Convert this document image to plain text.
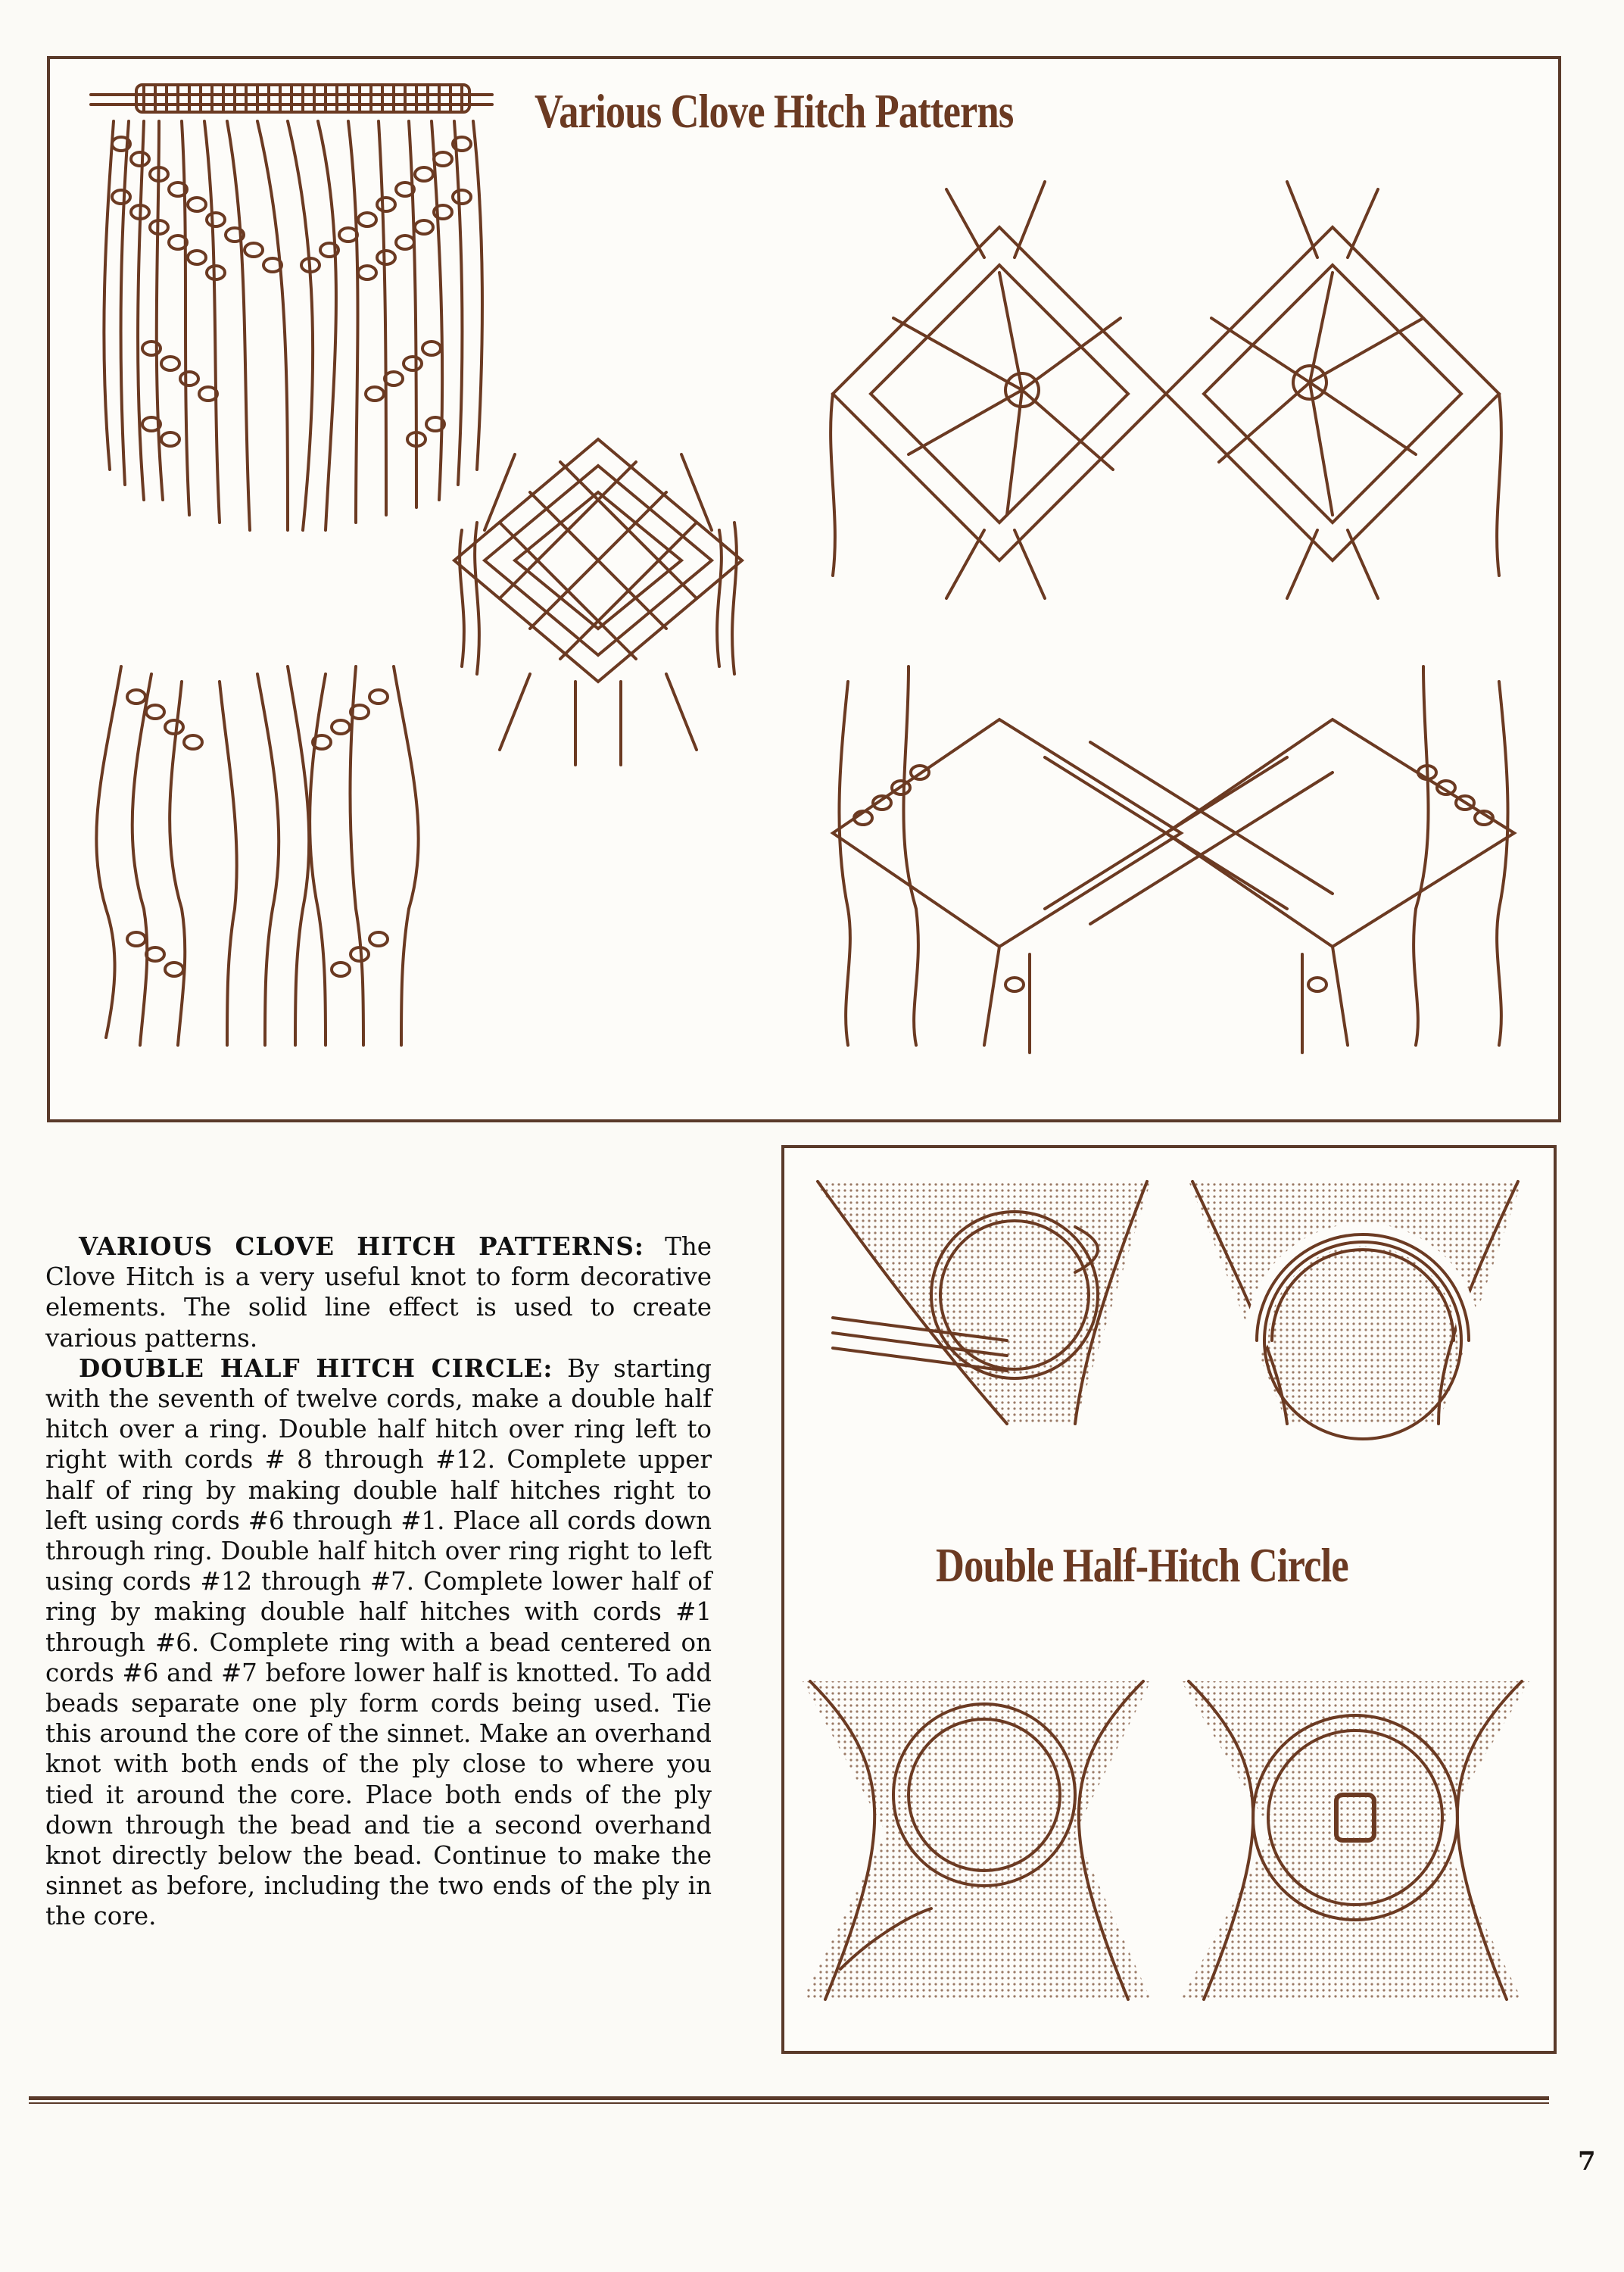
Various Clove Hitch Patterns
Double Half-Hitch Circle

VARIOUS CLOVE HITCH PATTERNS: The Clove Hitch is a very useful knot to form decorative elements. The solid line effect is used to create various patterns.

DOUBLE HALF HITCH CIRCLE: By starting with the seventh of twelve cords, make a double half hitch over a ring. Double half hitch over ring left to right with cords # 8 through #12. Complete upper half of ring by making double half hitches right to left using cords #6 through #1. Place all cords down through ring. Double half hitch over ring right to left using cords #12 through #7. Complete lower half of ring by making double half hitches with cords #1 through #6. Complete ring with a bead centered on cords #6 and #7 before lower half is knotted. To add beads separate one ply form cords being used. Tie this around the core of the sinnet. Make an overhand knot with both ends of the ply close to where you tied it around the core. Place both ends of the ply down through the bead and tie a second overhand knot directly below the bead. Continue to make the sinnet as before, including the two ends of the ply in the core.

7
